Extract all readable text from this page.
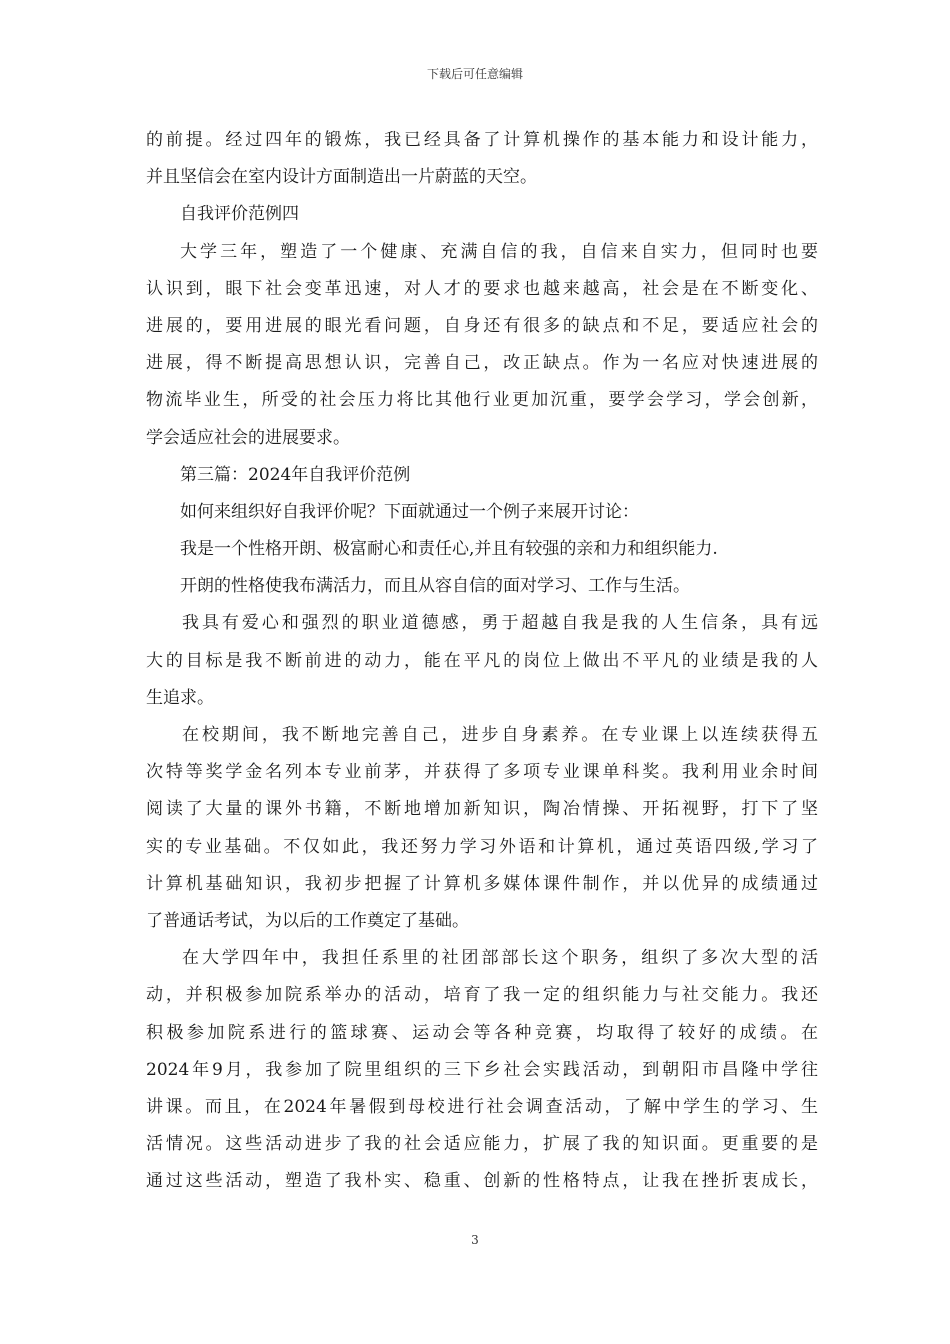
下载后可任意编辑
的前提。经过四年的锻炼，我已经具备了计算机操作的基本能力和设计能力，
并且坚信会在室内设计方面制造出一片蔚蓝的天空。
自我评价范例四
大学三年，塑造了一个健康、充满自信的我，自信来自实力，但同时也要
认识到，眼下社会变革迅速，对人才的要求也越来越高，社会是在不断变化、
进展的，要用进展的眼光看问题，自身还有很多的缺点和不足，要适应社会的
进展，得不断提高思想认识，完善自己，改正缺点。作为一名应对快速进展的
物流毕业生，所受的社会压力将比其他行业更加沉重，要学会学习，学会创新，
学会适应社会的进展要求。
第三篇：2024年自我评价范例
如何来组织好自我评价呢？下面就通过一个例子来展开讨论：
我是一个性格开朗、极富耐心和责任心,并且有较强的亲和力和组织能力.
开朗的性格使我布满活力，而且从容自信的面对学习、工作与生活。
我具有爱心和强烈的职业道德感，勇于超越自我是我的人生信条，具有远
大的目标是我不断前进的动力，能在平凡的岗位上做出不平凡的业绩是我的人
生追求。
在校期间，我不断地完善自己，进步自身素养。在专业课上以连续获得五
次特等奖学金名列本专业前茅，并获得了多项专业课单科奖。我利用业余时间
阅读了大量的课外书籍，不断地增加新知识，陶冶情操、开拓视野，打下了坚
实的专业基础。不仅如此，我还努力学习外语和计算机，通过英语四级,学习了
计算机基础知识，我初步把握了计算机多媒体课件制作，并以优异的成绩通过
了普通话考试，为以后的工作奠定了基础。
在大学四年中，我担任系里的社团部部长这个职务，组织了多次大型的活
动，并积极参加院系举办的活动，培育了我一定的组织能力与社交能力。我还
积极参加院系进行的篮球赛、运动会等各种竞赛，均取得了较好的成绩。在
2024年9月，我参加了院里组织的三下乡社会实践活动，到朝阳市昌隆中学往
讲课。而且，在2024年暑假到母校进行社会调查活动，了解中学生的学习、生
活情况。这些活动进步了我的社会适应能力，扩展了我的知识面。更重要的是
通过这些活动，塑造了我朴实、稳重、创新的性格特点，让我在挫折衷成长，
3
